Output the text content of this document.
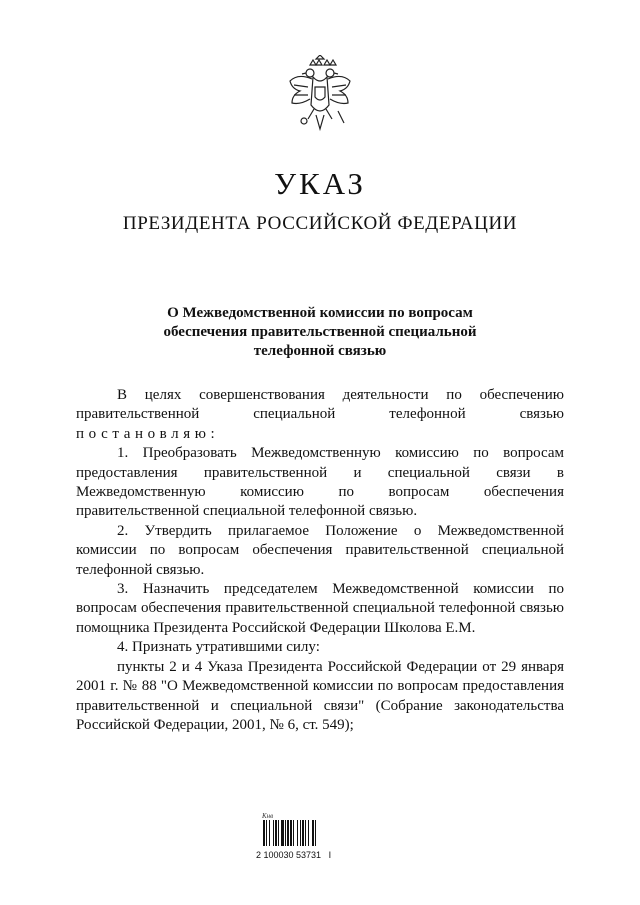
УКАЗ
ПРЕЗИДЕНТА РОССИЙСКОЙ ФЕДЕРАЦИИ
О Межведомственной комиссии по вопросам
обеспечения правительственной специальной
телефонной связью

В целях совершенствования деятельности по обеспечению правительственной специальной телефонной связью

постановляю:

1. Преобразовать Межведомственную комиссию по вопросам предоставления правительственной и специальной связи в Межведомственную комиссию по вопросам обеспечения правительственной специальной телефонной связью.

2. Утвердить прилагаемое Положение о Межведомственной комиссии по вопросам обеспечения правительственной специальной телефонной связью.

3. Назначить председателем Межведомственной комиссии по вопросам обеспечения правительственной специальной телефонной связью помощника Президента Российской Федерации Школова Е.М.

4. Признать утратившими силу:

пункты 2 и 4 Указа Президента Российской Федерации от 29 января 2001 г. № 88 "О Межведомственной комиссии по вопросам предоставления правительственной и специальной связи" (Собрание законодательства Российской Федерации, 2001, № 6, ст. 549);

Кнв
2 100030 53731   I
